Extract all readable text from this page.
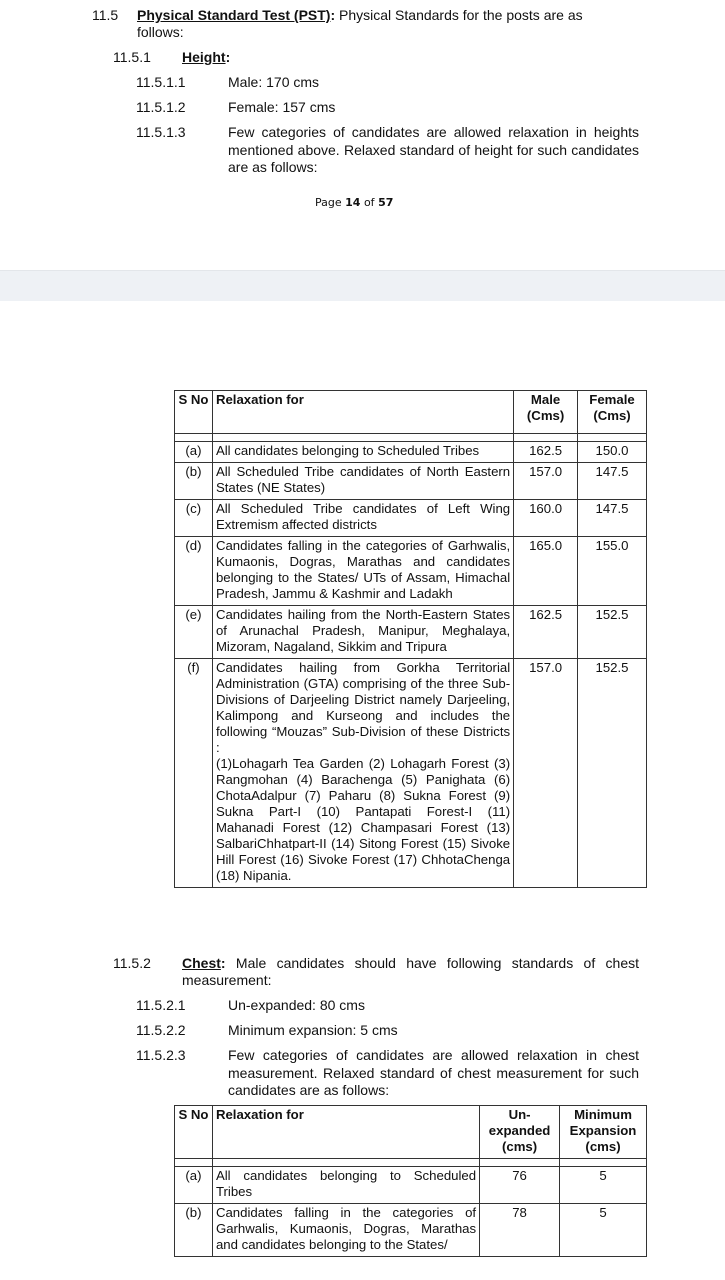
11.5 Physical Standard Test (PST): Physical Standards for the posts are as
follows:
11.5.1 Height:
11.5.1.1	Male: 170 cms
11.5.1.2	Female: 157 cms
11.5.1.3	Few categories of candidates are allowed relaxation in heights mentioned above. Relaxed standard of height for such candidates are as follows:
Page 14 of 57
S No	Relaxation for	Male (Cms)	Female (Cms)

(a)	All candidates belonging to Scheduled Tribes	162.5	150.0
(b)	All Scheduled Tribe candidates of North Eastern States (NE States)	157.0	147.5
(c)	All Scheduled Tribe candidates of Left Wing Extremism affected districts	160.0	147.5
(d)	Candidates falling in the categories of Garhwalis, Kumaonis, Dogras, Marathas and candidates belonging to the States/ UTs of Assam, Himachal Pradesh, Jammu & Kashmir and Ladakh	165.0	155.0
(e)	Candidates hailing from the North-Eastern States of Arunachal Pradesh, Manipur, Meghalaya, Mizoram, Nagaland, Sikkim and Tripura	162.5	152.5
(f)	Candidates hailing from Gorkha Territorial Administration (GTA) comprising of the three Sub-Divisions of Darjeeling District namely Darjeeling, Kalimpong and Kurseong and includes the following “Mouzas” Sub-Division of these Districts :
(1)Lohagarh Tea Garden (2) Lohagarh Forest (3) Rangmohan (4) Barachenga (5) Panighata (6) ChotaAdalpur (7) Paharu (8) Sukna Forest (9) Sukna Part-I (10) Pantapati Forest-I (11) Mahanadi Forest (12) Champasari Forest (13) SalbariChhatpart-II (14) Sitong Forest (15) Sivoke Hill Forest (16) Sivoke Forest (17) ChhotaChenga (18) Nipania.	157.0	152.5
11.5.2 Chest: Male candidates should have following standards of chest measurement:
11.5.2.1	Un-expanded: 80 cms
11.5.2.2	Minimum expansion: 5 cms
11.5.2.3	Few categories of candidates are allowed relaxation in chest measurement. Relaxed standard of chest measurement for such candidates are as follows:
S No	Relaxation for	Un-expanded (cms)	Minimum Expansion (cms)

(a)	All candidates belonging to Scheduled Tribes	76	5
(b)	Candidates falling in the categories of Garhwalis, Kumaonis, Dogras, Marathas and candidates belonging to the States/	78	5
